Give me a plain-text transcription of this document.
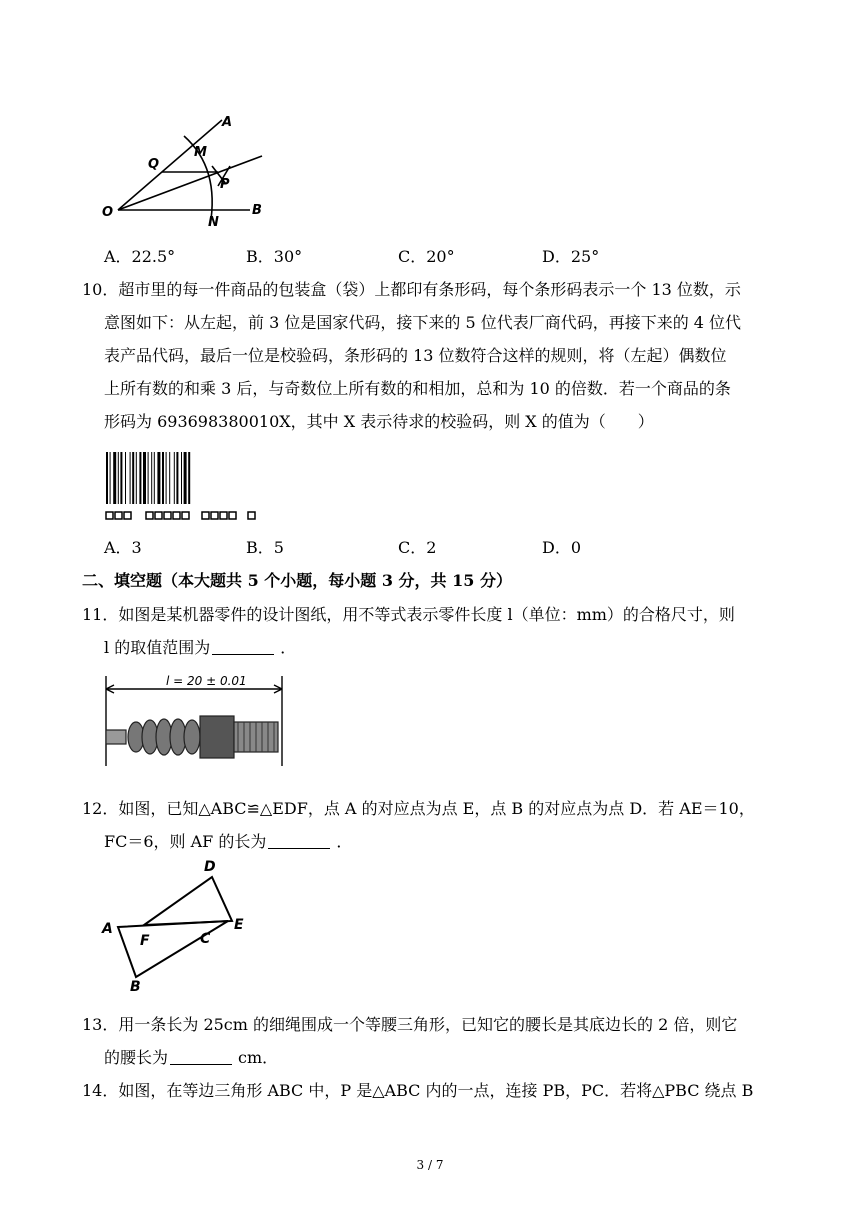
A
M
Q
P
O
N
B
A．22.5°	B．30°	C．20°	D．25°
10．超市里的每一件商品的包装盒（袋）上都印有条形码，每个条形码表示一个 13 位数，示
意图如下：从左起，前 3 位是国家代码，接下来的 5 位代表厂商代码，再接下来的 4 位代
表产品代码，最后一位是校验码，条形码的 13 位数符合这样的规则，将（左起）偶数位
上所有数的和乘 3 后，与奇数位上所有数的和相加，总和为 10 的倍数．若一个商品的条
形码为 693698380010X，其中 X 表示待求的校验码，则 X 的值为（　　）
A．3	B．5	C．2	D．0
二、填空题（本大题共 5 个小题，每小题 3 分，共 15 分）
11．如图是某机器零件的设计图纸，用不等式表示零件长度 l（单位：mm）的合格尺寸，则
l 的取值范围为	．
l = 20 ± 0.01
12．如图，已知△ABC≌△EDF，点 A 的对应点为点 E，点 B 的对应点为点 D．若 AE＝10，
FC＝6，则 AF 的长为	．
D
A
F	C
E
B
13．用一条长为 25cm 的细绳围成一个等腰三角形，已知它的腰长是其底边长的 2 倍，则它
的腰长为	cm．
14．如图，在等边三角形 ABC 中，P 是△ABC 内的一点，连接 PB，PC．若将△PBC 绕点 B
3 / 7
